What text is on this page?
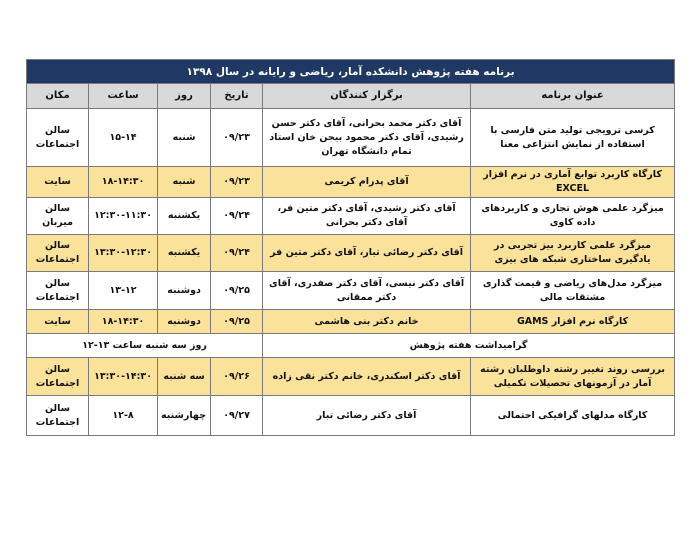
برنامه هفته پژوهش دانشکده آمار، ریاضی و رایانه در سال ۱۳۹۸					
عنوان برنامه	برگزار کنندگان	تاریخ	روز	ساعت	مکان
کرسی ترویجی تولید متن فارسی با استفاده از نمایش انتزاعی معنا	آقای دکتر محمد بحرانی، آقای دکتر حسن رشیدی، آقای دکتر محمود بیجن خان استاد تمام دانشگاه تهران	۰۹/۲۳	شنبه	۱۵-۱۴	سالن اجتماعات
کارگاه کاربرد توابع آماری در نرم افزار EXCEL	آقای پدرام کریمی	۰۹/۲۳	شنبه	۱۸-۱۴:۳۰	سایت
میزگرد علمی هوش تجاری و کاربردهای داده کاوی	آقای دکتر رشیدی، آقای دکتر متین فر، آقای دکتر بحرانی	۰۹/۲۴	یکشنبه	۱۲:۳۰-۱۱:۳۰	سالن میربان
میزگرد علمی کاربرد بیز تجربی در یادگیری ساختاری شبکه های بیزی	آقای دکتر رضائی تبار، آقای دکتر متین فر	۰۹/۲۴	یکشنبه	۱۳:۳۰-۱۲:۳۰	سالن اجتماعات
میزگرد مدل‌های ریاضی و قیمت گذاری مشتقات مالی	آقای دکتر نیسی، آقای دکتر صفدری، آقای دکتر ممقانی	۰۹/۲۵	دوشنبه	۱۳-۱۲	سالن اجتماعات
کارگاه نرم افزار GAMS	خانم دکتر بنی هاشمی	۰۹/۲۵	دوشنبه	۱۸-۱۴:۳۰	سایت
گرامیداشت هفته پژوهش		روز سه شنبه ساعت ۱۳-۱۲			
بررسی روند تغییر رشته داوطلبان رشته آمار در آزمونهای تحصیلات تکمیلی	آقای دکتر اسکندری، خانم دکتر نقی زاده	۰۹/۲۶	سه شنبه	۱۳:۳۰-۱۴:۳۰	سالن اجتماعات
کارگاه مدلهای گرافیکی احتمالی	آقای دکتر رضائی تبار	۰۹/۲۷	چهارشنبه	۱۲-۸	سالن اجتماعات
